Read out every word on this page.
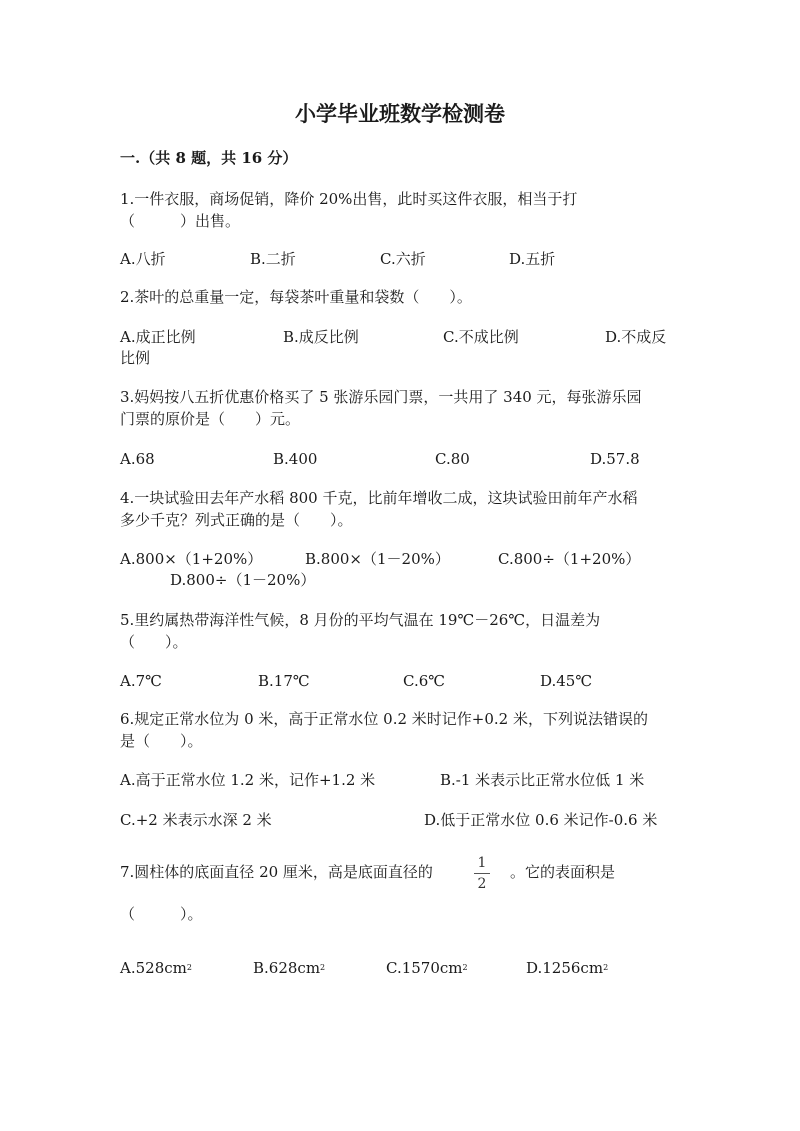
小学毕业班数学检测卷
一.（共 8 题，共 16 分）
1.一件衣服，商场促销，降价 20%出售，此时买这件衣服，相当于打
（　　　）出售。
A.八折	B.二折	C.六折	D.五折
2.茶叶的总重量一定，每袋茶叶重量和袋数（　　）。
A.成正比例	B.成反比例	C.不成比例	D.不成反
比例
3.妈妈按八五折优惠价格买了 5 张游乐园门票，一共用了 340 元，每张游乐园
门票的原价是（　　）元。
A.68	B.400	C.80	D.57.8
4.一块试验田去年产水稻 800 千克，比前年增收二成，这块试验田前年产水稻
多少千克？列式正确的是（　　）。
A.800×（1+20%）	B.800×（1－20%）	C.800÷（1+20%）
D.800÷（1－20%）
5.里约属热带海洋性气候，8 月份的平均气温在 19℃－26℃，日温差为
（　　）。
A.7℃	B.17℃	C.6℃	D.45℃
6.规定正常水位为 0 米，高于正常水位 0.2 米时记作+0.2 米，下列说法错误的
是（　　）。
A.高于正常水位 1.2 米，记作+1.2 米	B.-1 米表示比正常水位低 1 米
C.+2 米表示水深 2 米	D.低于正常水位 0.6 米记作-0.6 米
7.圆柱体的底面直径 20 厘米，高是底面直径的	1
2
。它的表面积是
（　　　）。
$A.528cm^2$	$B.628cm^2$	$C.1570cm^2$	$D.1256cm^2$
